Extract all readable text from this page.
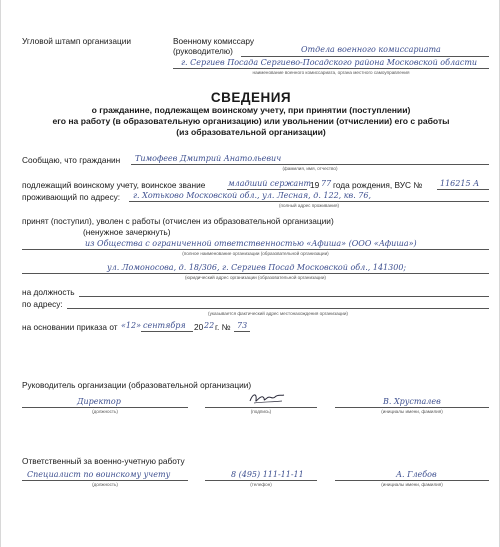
Угловой штамп организации	Военному комиссару
(руководителю)	Отдела военного комиссариата
г. Сергиев Посада Сергиево-Посадского района Московской области
наименование военного комиссариата, органа местного самоуправления
СВЕДЕНИЯ
о гражданине, подлежащем воинскому учету, при принятии (поступлении)
его на работу (в образовательную организацию) или увольнении (отчислении) его с работы
(из образовательной организации)
Сообщаю, что гражданин Тимофеев Дмитрий Анатольевич
(фамилия, имя, отчество)
подлежащий воинскому учету, воинское звание	младший сержант
19 77 года рождения, ВУС № 116215 А
проживающий по адресу: г. Хотьково Московской обл., ул. Лесная, д. 122, кв. 76,
(полный адрес проживания)
принят (поступил), уволен с работы (отчислен из образовательной организации)
(ненужное зачеркнуть)
из Общества с ограниченной ответственностью «Афиша» (ООО «Афиша»)
(полное наименование организации (образовательной организации)
ул. Ломоносова, д. 18/306, г. Сергиев Посад Московской обл., 141300;
(юридический адрес организации (образовательной организации)
на должность
по адресу:
(указывается фактический адрес местонахождения организации)
на основании приказа от «12» сентября 20 22 г. № 73
Руководитель организации (образовательной организации)
Директор
(должность)	(подпись)
В. Хрусталев
(инициалы имени, фамилия)
Ответственный за военно-учетную работу
Специалист по воинскому учету
(должность)
8 (495) 111-11-11
(телефон)
А. Глебов
(инициалы имени, фамилия)
